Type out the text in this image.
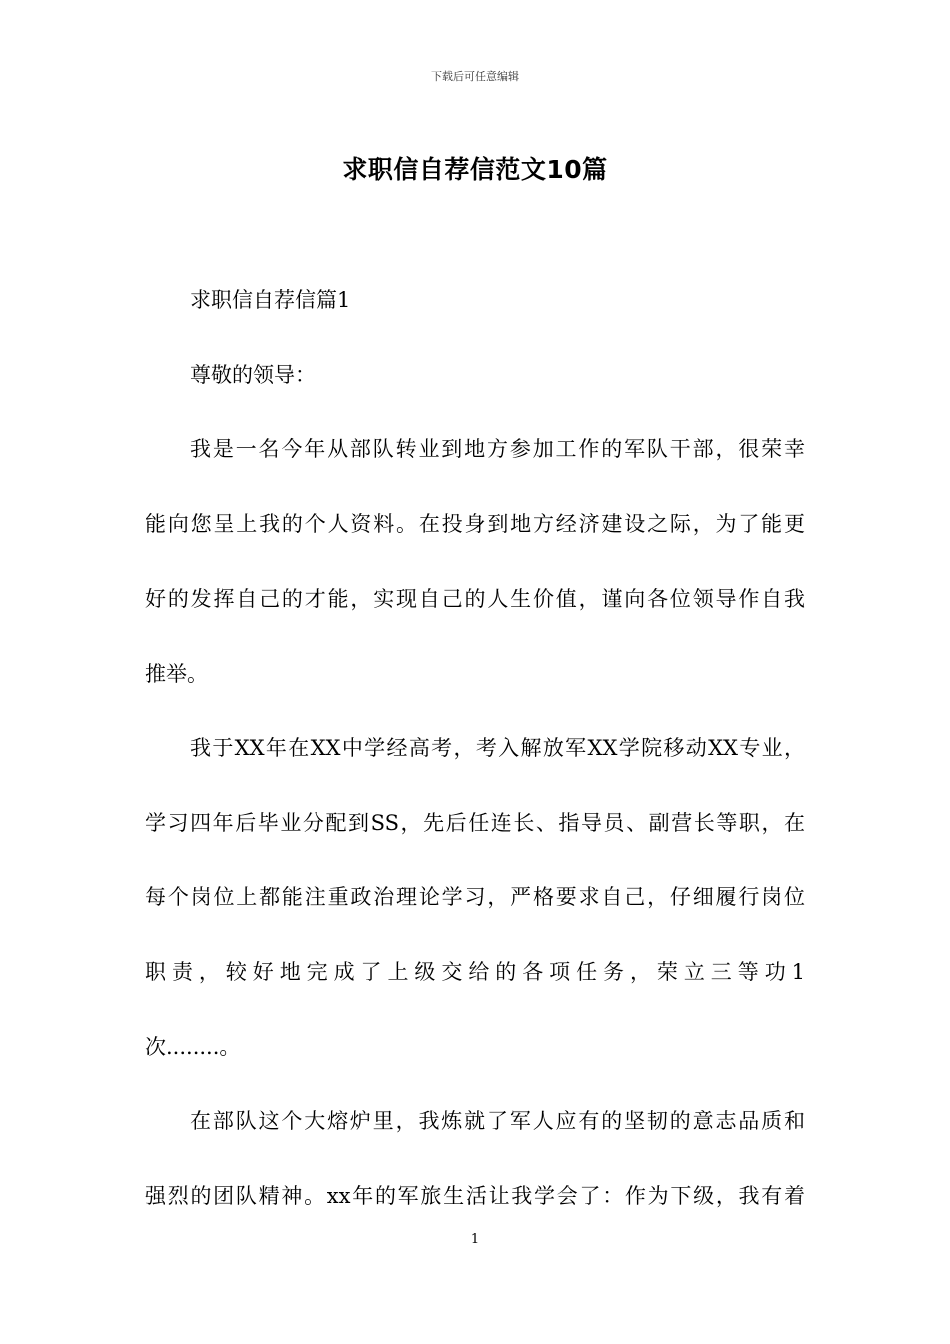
下载后可任意编辑
求职信自荐信范文10篇
求职信自荐信篇1
尊敬的领导：
我是一名今年从部队转业到地方参加工作的军队干部，很荣幸
能向您呈上我的个人资料。在投身到地方经济建设之际，为了能更
好的发挥自己的才能，实现自己的人生价值，谨向各位领导作自我
推举。
我于XX年在XX中学经高考，考入解放军XX学院移动XX专业，
学习四年后毕业分配到SS，先后任连长、指导员、副营长等职，在
每个岗位上都能注重政治理论学习，严格要求自己，仔细履行岗位
职责，较好地完成了上级交给的各项任务，荣立三等功1
次........。
在部队这个大熔炉里，我炼就了军人应有的坚韧的意志品质和
强烈的团队精神。xx年的军旅生活让我学会了：作为下级，我有着
1
